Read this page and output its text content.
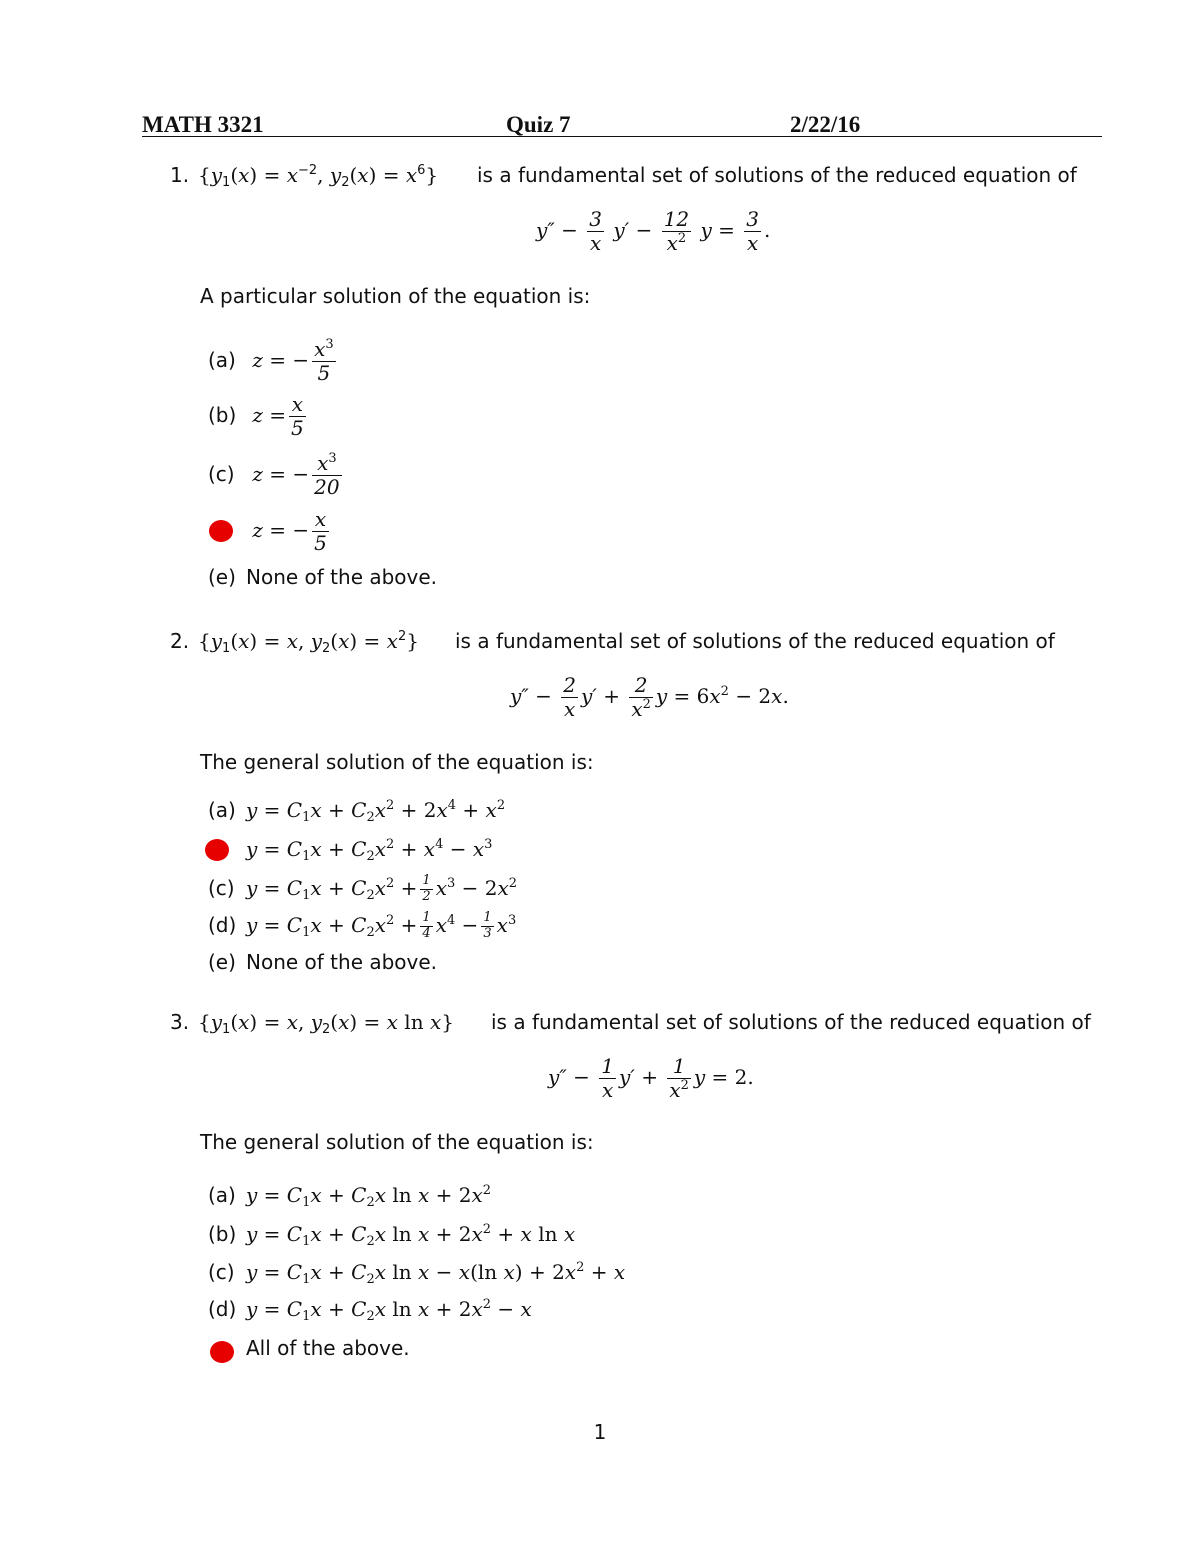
MATH 3321	Quiz 7	2/22/16
1. {$y_1(x) = x^{-2}$, $y_2(x) = x^6$} is a fundamental set of solutions of the reduced equation of
$y'' - \frac{3}{x} y' - \frac{12}{x^2}$ $y = \frac{3}{x}$ .
A particular solution of the equation is:
(a) z = − $\frac{x^3}{5}$
(b) $z = \frac{x}{5}$
(c) z = − $\frac{x^3}{20}$
z = − $\frac{x}{5}$
(e) None of the above.
2. {$y_1(x) = x$, $y_2(x) = x^2$} is a fundamental set of solutions of the reduced equation of
$y'' - \frac{2}{x} y' + \frac{2}{x^2}$ $y = 6x^2 - 2x$.
The general solution of the equation is:
(a) $y = C_1x + C_2x^2 + 2x^4 + x^2$
$y = C_1x + C_2x^2 + x^4 - x^3$
(c) $y = C_1x + C_2x^2 + \frac{1}{2} x^3 - 2x^2$
(d) $y = C_1x + C_2x^2 + \frac{1}{4} x^4 - \frac{1}{3} x^3$
(e) None of the above.
3. {$y_1(x) = x$, $y_2(x) = x$ ln x} is a fundamental set of solutions of the reduced equation of
$y'' - \frac{1}{x} y' + \frac{1}{x^2}$ y = 2.
The general solution of the equation is:
(a) $y = C_1x + C_2x$ $\ln x + 2x^2$
(b) $y = C_1x + C_2x$ $\ln x + 2x^2 + x$ ln x
(c) $y = C_1x + C_2x$ ln x − x(ln $x) + 2x^2 + x$
(d) $y = C_1x + C_2x$ $\ln x + 2x^2 - x$
All of the above.
1
